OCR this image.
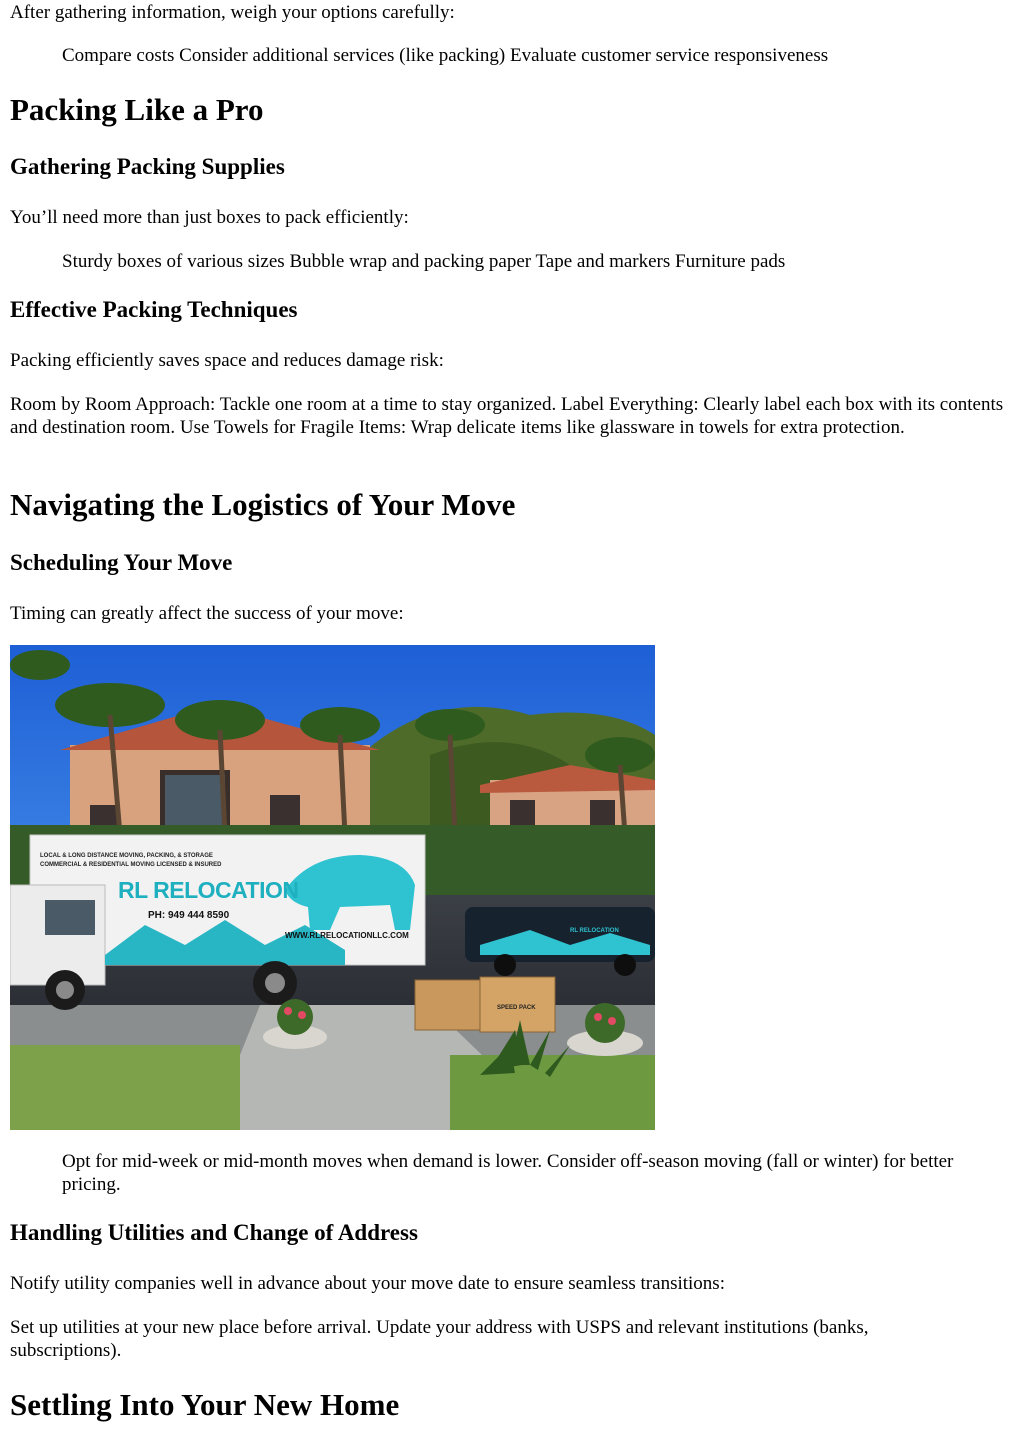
After gathering information, weigh your options carefully:

Compare costs Consider additional services (like packing) Evaluate customer service responsiveness

Packing Like a Pro
Gathering Packing Supplies

You’ll need more than just boxes to pack efficiently:

Sturdy boxes of various sizes Bubble wrap and packing paper Tape and markers Furniture pads

Effective Packing Techniques

Packing efficiently saves space and reduces damage risk:

Room by Room Approach: Tackle one room at a time to stay organized. Label Everything: Clearly label each box with its contents and destination room. Use Towels for Fragile Items: Wrap delicate items like glassware in towels for extra protection.

Navigating the Logistics of Your Move
Scheduling Your Move

Timing can greatly affect the success of your move:

LOCAL & LONG DISTANCE MOVING, PACKING, & STORAGE
COMMERCIAL & RESIDENTIAL MOVING LICENSED & INSURED
RL RELOCATION
PH: 949 444 8590
WWW.RLRELOCATIONLLC.COM	RL RELOCATION
SPEED PACK

Opt for mid-week or mid-month moves when demand is lower. Consider off-season moving (fall or winter) for better pricing.

Handling Utilities and Change of Address

Notify utility companies well in advance about your move date to ensure seamless transitions:

Set up utilities at your new place before arrival. Update your address with USPS and relevant institutions (banks, subscriptions).

Settling Into Your New Home
